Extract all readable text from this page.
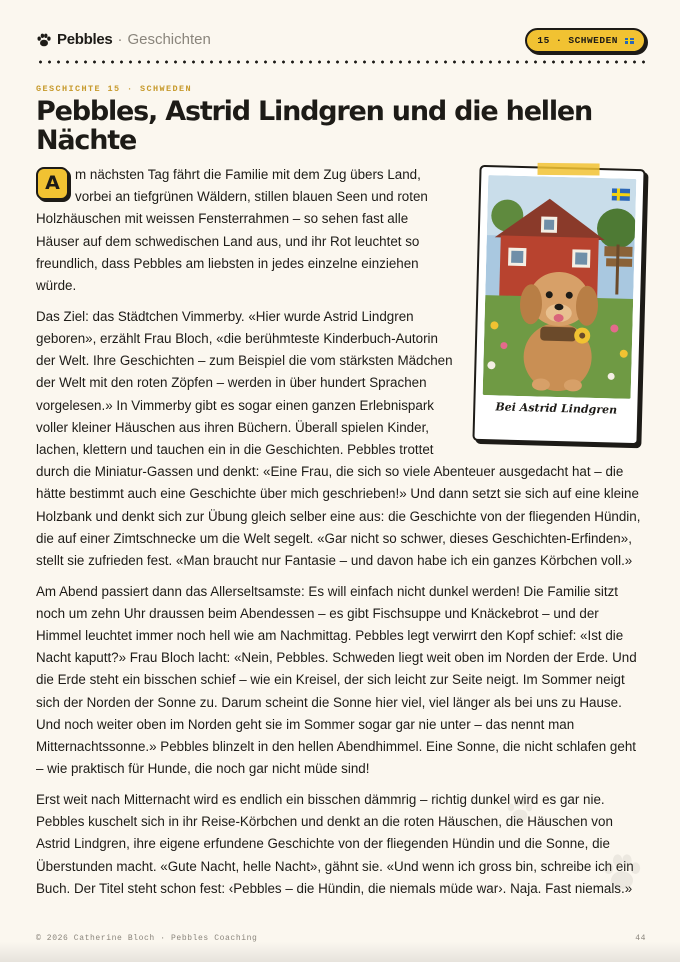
Pebbles · Geschichten	15 · SCHWEDEN
GESCHICHTE 15 · SCHWEDEN
Pebbles, Astrid Lindgren und die hellen Nächte

A	m nächsten Tag fährt die Familie mit dem Zug übers Land, vorbei an tiefgrünen Wäldern, stillen blauen Seen und roten Holzhäuschen mit weissen Fensterrahmen – so sehen fast alle Häuser auf dem schwedischen Land aus, und ihr Rot leuchtet so freundlich, dass Pebbles am liebsten in jedes einzelne einziehen würde.

Das Ziel: das Städtchen Vimmerby. «Hier wurde Astrid Lindgren geboren», erzählt Frau Bloch, «die berühmteste Kinderbuch-Autorin der Welt. Ihre Geschichten – zum Beispiel die vom stärksten Mädchen der Welt mit den roten Zöpfen – werden in über hundert Sprachen vorgelesen.» In Vimmerby gibt es sogar einen ganzen Erlebnispark voller kleiner Häuschen aus ihren Büchern. Überall spielen Kinder, lachen, klettern und tauchen ein in die Geschichten. Pebbles trottet durch die Miniatur-Gassen und denkt: «Eine Frau, die sich so viele Abenteuer ausgedacht hat – die hätte bestimmt auch eine Geschichte über mich geschrieben!» Und dann setzt sie sich auf eine kleine Holzbank und denkt sich zur Übung gleich selber eine aus: die Geschichte von der fliegenden Hündin, die auf einer Zimtschnecke um die Welt segelt. «Gar nicht so schwer, dieses Geschichten-Erfinden», stellt sie zufrieden fest. «Man braucht nur Fantasie – und davon habe ich ein ganzes Körbchen voll.»

Am Abend passiert dann das Allerseltsamste: Es will einfach nicht dunkel werden! Die Familie sitzt noch um zehn Uhr draussen beim Abendessen – es gibt Fischsuppe und Knäckebrot – und der Himmel leuchtet immer noch hell wie am Nachmittag. Pebbles legt verwirrt den Kopf schief: «Ist die Nacht kaputt?» Frau Bloch lacht: «Nein, Pebbles. Schweden liegt weit oben im Norden der Erde. Und die Erde steht ein bisschen schief – wie ein Kreisel, der sich leicht zur Seite neigt. Im Sommer neigt sich der Norden der Sonne zu. Darum scheint die Sonne hier viel, viel länger als bei uns zu Hause. Und noch weiter oben im Norden geht sie im Sommer sogar gar nie unter – das nennt man Mitternachtssonne.» Pebbles blinzelt in den hellen Abendhimmel. Eine Sonne, die nicht schlafen geht – wie praktisch für Hunde, die noch gar nicht müde sind!

Erst weit nach Mitternacht wird es endlich ein bisschen dämmrig – richtig dunkel wird es gar nie. Pebbles kuschelt sich in ihr Reise-Körbchen und denkt an die roten Häuschen, die Häuschen von Astrid Lindgren, ihre eigene erfundene Geschichte von der fliegenden Hündin und die Sonne, die Überstunden macht. «Gute Nacht, helle Nacht», gähnt sie. «Und wenn ich gross bin, schreibe ich ein Buch. Der Titel steht schon fest: ‹Pebbles – die Hündin, die niemals müde war›. Naja. Fast niemals.»

Bei Astrid Lindgren
© 2026 Catherine Bloch · Pebbles Coaching	44
